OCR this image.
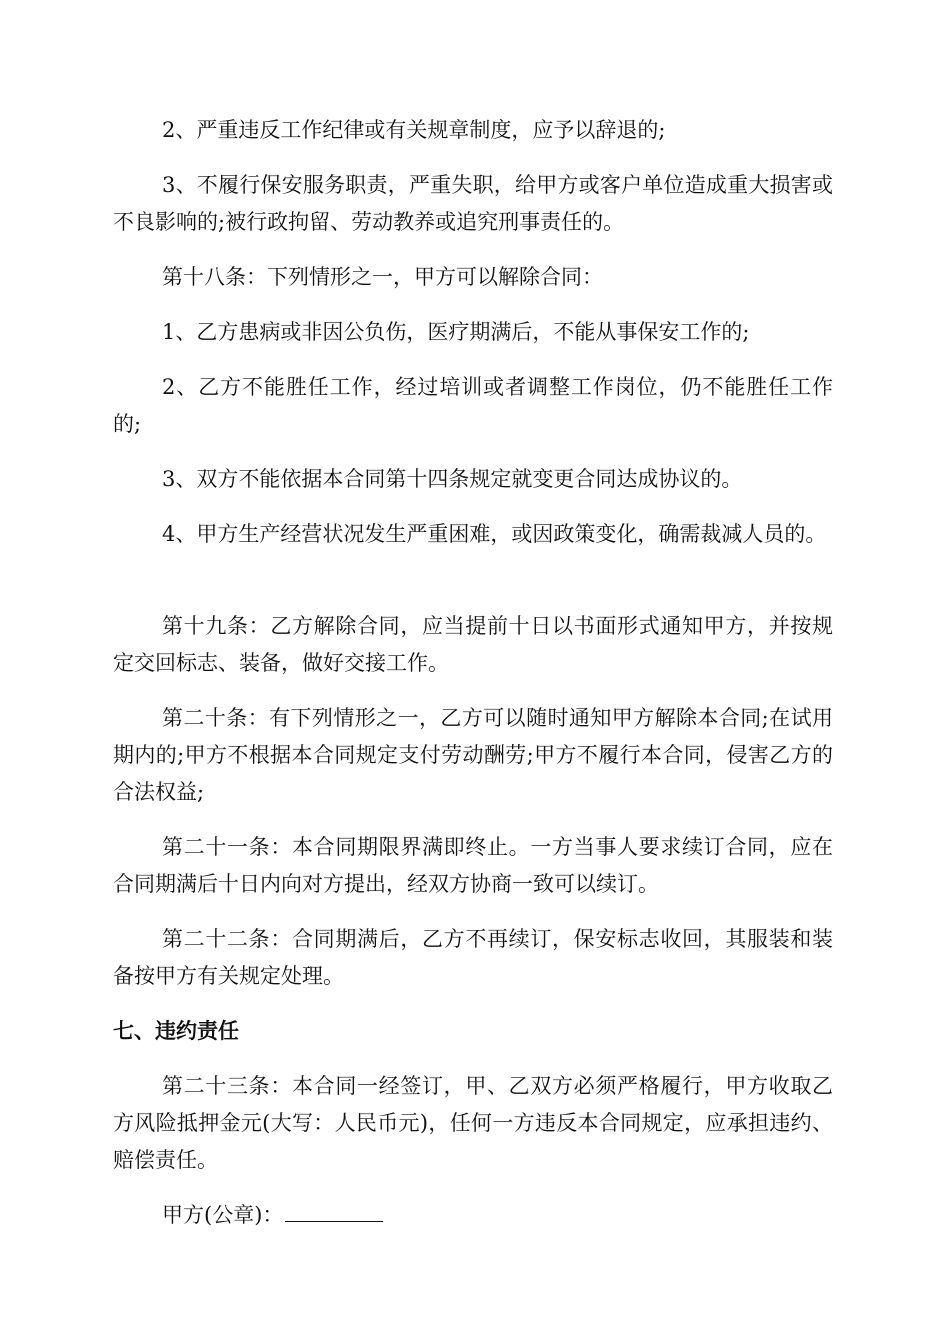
2、严重违反工作纪律或有关规章制度，应予以辞退的;

3、不履行保安服务职责，严重失职，给甲方或客户单位造成重大损害或不良影响的;被行政拘留、劳动教养或追究刑事责任的。

第十八条：下列情形之一，甲方可以解除合同：

1、乙方患病或非因公负伤，医疗期满后，不能从事保安工作的;

2、乙方不能胜任工作，经过培训或者调整工作岗位，仍不能胜任工作的;

3、双方不能依据本合同第十四条规定就变更合同达成协议的。

4、甲方生产经营状况发生严重困难，或因政策变化，确需裁减人员的。

第十九条：乙方解除合同，应当提前十日以书面形式通知甲方，并按规定交回标志、装备，做好交接工作。

第二十条：有下列情形之一，乙方可以随时通知甲方解除本合同;在试用期内的;甲方不根据本合同规定支付劳动酬劳;甲方不履行本合同，侵害乙方的合法权益;

第二十一条：本合同期限界满即终止。一方当事人要求续订合同，应在合同期满后十日内向对方提出，经双方协商一致可以续订。

第二十二条：合同期满后，乙方不再续订，保安标志收回，其服装和装备按甲方有关规定处理。

七、违约责任

第二十三条：本合同一经签订，甲、乙双方必须严格履行，甲方收取乙方风险抵押金元(大写：人民币元)，任何一方违反本合同规定，应承担违约、赔偿责任。

甲方(公章)：
